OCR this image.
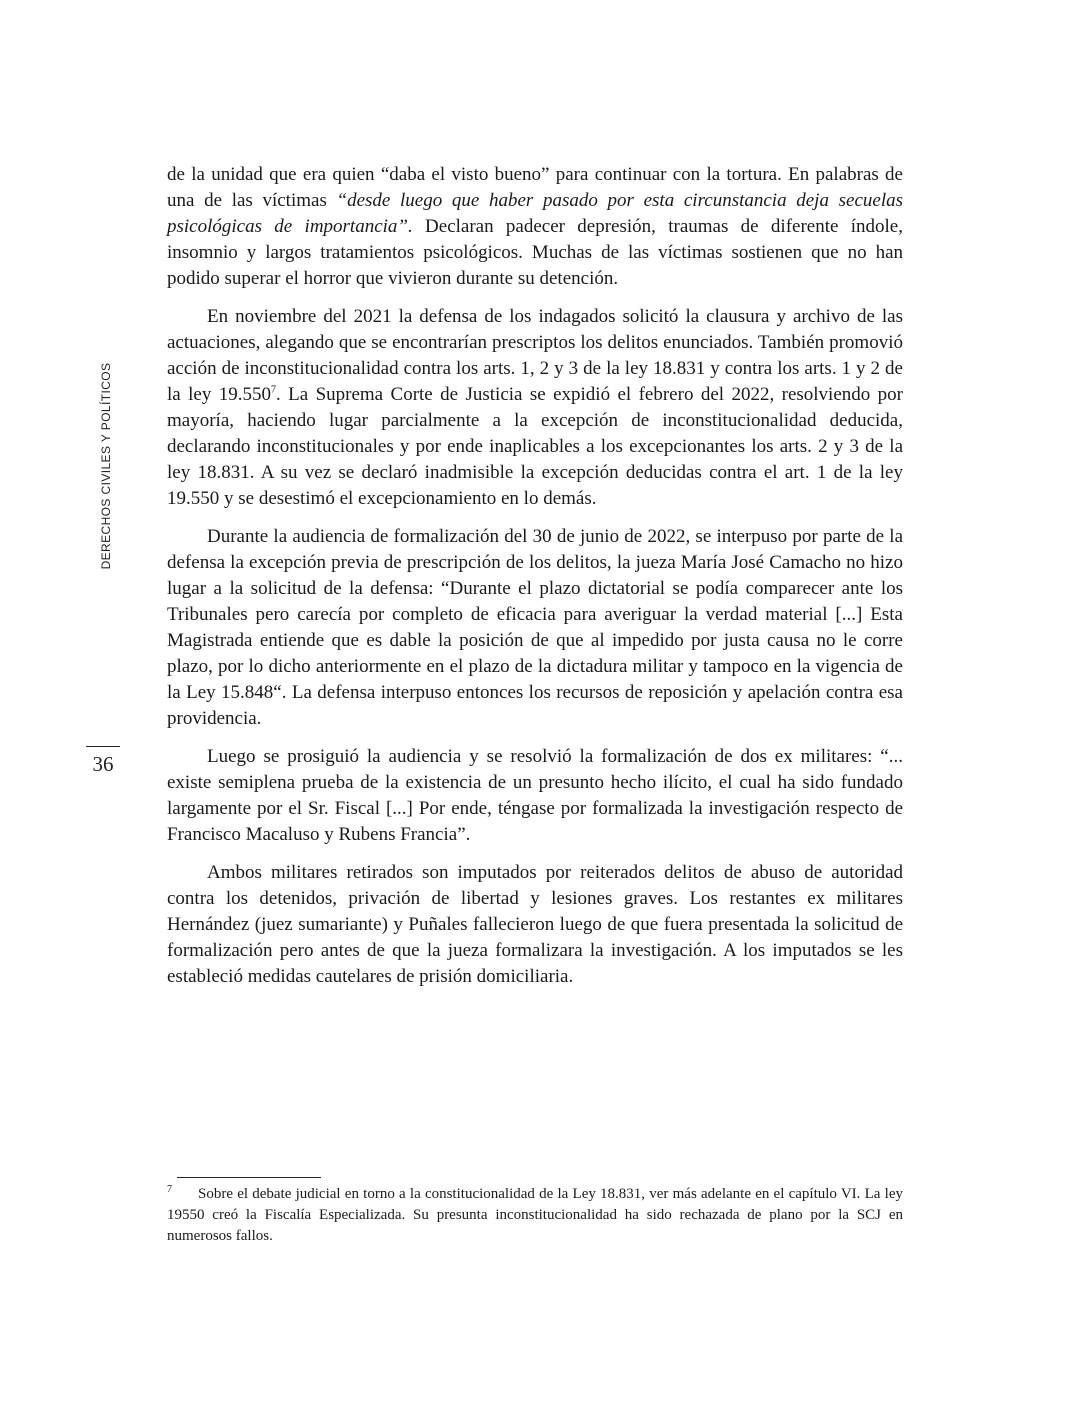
DERECHOS CIVILES Y POLÍTICOS
36

de la unidad que era quien “daba el visto bueno” para continuar con la tortura. En palabras de una de las víctimas “desde luego que haber pasado por esta circunstancia deja secuelas psicológicas de importancia”. Declaran padecer depresión, traumas de diferente índole, insomnio y largos tratamientos psicológicos. Muchas de las víctimas sostienen que no han podido superar el horror que vivieron durante su detención.

En noviembre del 2021 la defensa de los indagados solicitó la clausura y archivo de las actuaciones, alegando que se encontrarían prescriptos los delitos enunciados. También promovió acción de inconstitucionalidad contra los arts. 1, 2 y 3 de la ley 18.831 y contra los arts. 1 y 2 de la ley 19.550$^7$. La Suprema Corte de Justicia se expidió el febrero del 2022, resolviendo por mayoría, haciendo lugar parcialmente a la excepción de inconstitucionalidad deducida, declarando inconstitucionales y por ende inaplicables a los excepcionantes los arts. 2 y 3 de la ley 18.831. A su vez se declaró inadmisible la excepción deducidas contra el art. 1 de la ley 19.550 y se desestimó el excepcionamiento en lo demás.

Durante la audiencia de formalización del 30 de junio de 2022, se interpuso por parte de la defensa la excepción previa de prescripción de los delitos, la jueza María José Camacho no hizo lugar a la solicitud de la defensa: “Durante el plazo dictatorial se podía comparecer ante los Tribunales pero carecía por completo de eficacia para averiguar la verdad material [...] Esta Magistrada entiende que es dable la posición de que al impedido por justa causa no le corre plazo, por lo dicho anteriormente en el plazo de la dictadura militar y tampoco en la vigencia de la Ley 15.848“. La defensa interpuso entonces los recursos de reposición y apelación contra esa providencia.

Luego se prosiguió la audiencia y se resolvió la formalización de dos ex militares: “... existe semiplena prueba de la existencia de un presunto hecho ilícito, el cual ha sido fundado largamente por el Sr. Fiscal [...] Por ende, téngase por formalizada la investigación respecto de Francisco Macaluso y Rubens Francia”.

Ambos militares retirados son imputados por reiterados delitos de abuso de autoridad contra los detenidos, privación de libertad y lesiones graves. Los restantes ex militares Hernández (juez sumariante) y Puñales fallecieron luego de que fuera presentada la solicitud de formalización pero antes de que la jueza formalizara la investigación. A los imputados se les estableció medidas cautelares de prisión domiciliaria.

7 Sobre el debate judicial en torno a la constitucionalidad de la Ley 18.831, ver más adelante en el capítulo VI. La ley 19550 creó la Fiscalía Especializada. Su presunta inconstitucionalidad ha sido rechazada de plano por la SCJ en numerosos fallos.
